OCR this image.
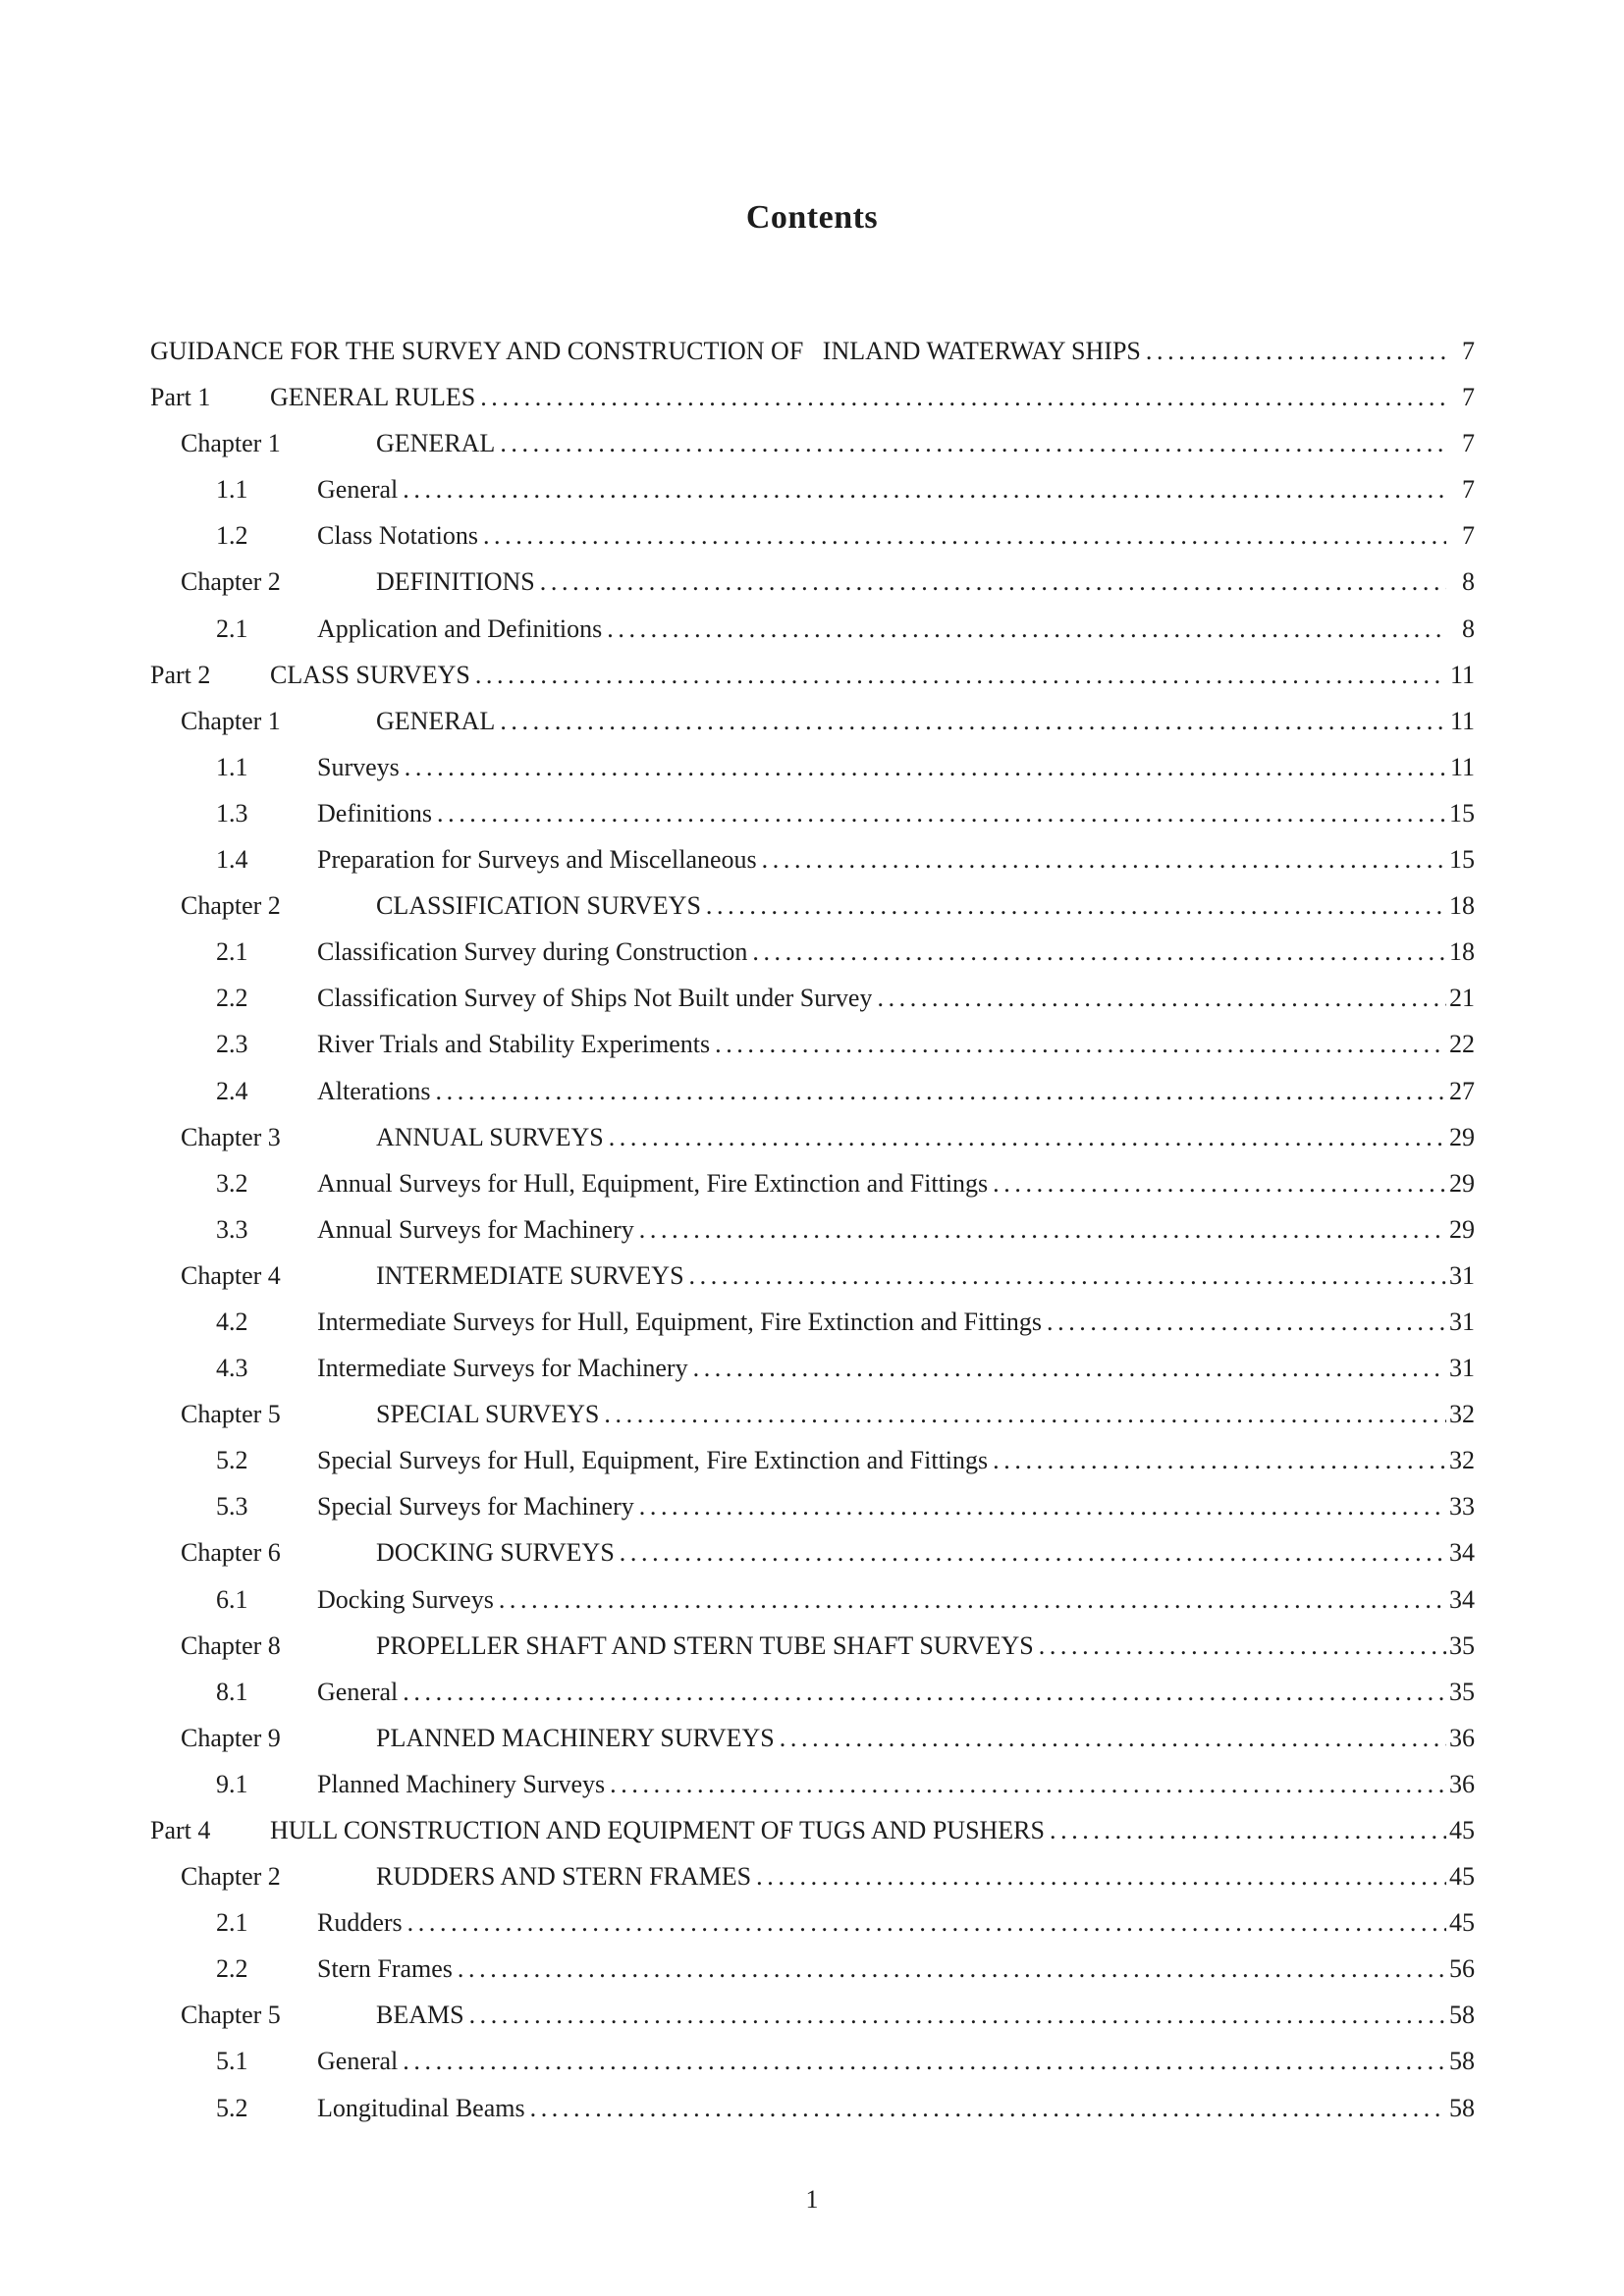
Contents
GUIDANCE FOR THE SURVEY AND CONSTRUCTION OF   INLAND WATERWAY SHIPS .....	7
Part 1	GENERAL RULES .....	7
Chapter 1	GENERAL .....	7
1.1	General .....	7
1.2	Class Notations .....	7
Chapter 2	DEFINITIONS .....	8
2.1	Application and Definitions .....	8
Part 2	CLASS SURVEYS .....	11
Chapter 1	GENERAL .....	11
1.1	Surveys .....	11
1.3	Definitions .....	15
1.4	Preparation for Surveys and Miscellaneous .....	15
Chapter 2	CLASSIFICATION SURVEYS .....	18
2.1	Classification Survey during Construction .....	18
2.2	Classification Survey of Ships Not Built under Survey .....	21
2.3	River Trials and Stability Experiments .....	22
2.4	Alterations .....	27
Chapter 3	ANNUAL SURVEYS .....	29
3.2	Annual Surveys for Hull, Equipment, Fire Extinction and Fittings .....	29
3.3	Annual Surveys for Machinery .....	29
Chapter 4	INTERMEDIATE SURVEYS .....	31
4.2	Intermediate Surveys for Hull, Equipment, Fire Extinction and Fittings .....	31
4.3	Intermediate Surveys for Machinery .....	31
Chapter 5	SPECIAL SURVEYS .....	32
5.2	Special Surveys for Hull, Equipment, Fire Extinction and Fittings .....	32
5.3	Special Surveys for Machinery .....	33
Chapter 6	DOCKING SURVEYS .....	34
6.1	Docking Surveys .....	34
Chapter 8	PROPELLER SHAFT AND STERN TUBE SHAFT SURVEYS .....	35
8.1	General .....	35
Chapter 9	PLANNED MACHINERY SURVEYS .....	36
9.1	Planned Machinery Surveys .....	36
Part 4	HULL CONSTRUCTION AND EQUIPMENT OF TUGS AND PUSHERS .....	45
Chapter 2	RUDDERS AND STERN FRAMES .....	45
2.1	Rudders .....	45
2.2	Stern Frames .....	56
Chapter 5	BEAMS .....	58
5.1	General .....	58
5.2	Longitudinal Beams .....	58
1
